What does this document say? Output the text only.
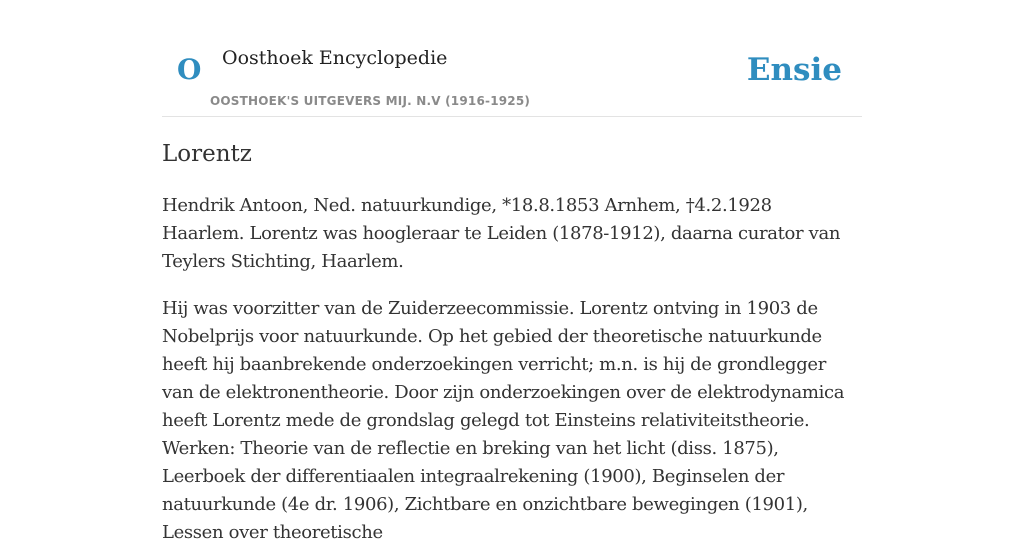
O Oosthoek Encyclopedie
OOSTHOEK'S UITGEVERS MIJ. N.V (1916-1925)
Ensie
Lorentz

Hendrik Antoon, Ned. natuurkundige, *18.8.1853 Arnhem, †4.2.1928 Haarlem. Lorentz was hoogleraar te Leiden (1878-1912), daarna curator van Teylers Stichting, Haarlem.

Hij was voorzitter van de Zuiderzeecommissie. Lorentz ontving in 1903 de Nobelprijs voor natuurkunde. Op het gebied der theoretische natuurkunde heeft hij baanbrekende onderzoekingen verricht; m.n. is hij de grondlegger van de elektronentheorie. Door zijn onderzoekingen over de elektrodynamica heeft Lorentz mede de grondslag gelegd tot Einsteins relativiteitstheorie. Werken: Theorie van de reflectie en breking van het licht (diss. 1875), Leerboek der differentiaalen integraalrekening (1900), Beginselen der natuurkunde (4e dr. 1906), Zichtbare en onzichtbare bewegingen (1901), Lessen over theoretische
